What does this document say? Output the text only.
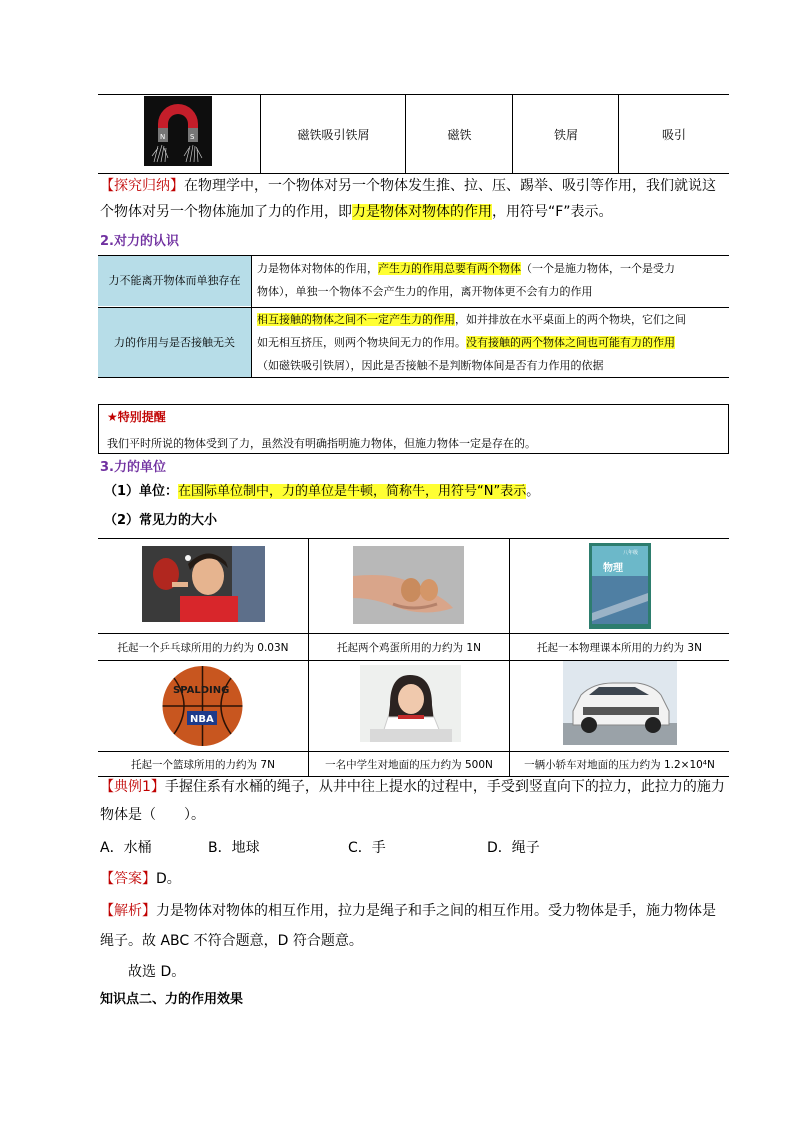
N	S	磁铁吸引铁屑	磁铁	铁屑	吸引
【探究归纳】在物理学中，一个物体对另一个物体发生推、拉、压、踢举、吸引等作用，我们就说这
个物体对另一个物体施加了力的作用，即力是物体对物体的作用，用符号“F”表示。
2.对力的认识
力不能离开物体而单独存在
力是物体对物体的作用，产生力的作用总要有两个物体（一个是施力物体，一个是受力
物体），单独一个物体不会产生力的作用，离开物体更不会有力的作用
力的作用与是否接触无关
相互接触的物体之间不一定产生力的作用，如并排放在水平桌面上的两个物块，它们之间
如无相互挤压，则两个物块间无力的作用。没有接触的两个物体之间也可能有力的作用
（如磁铁吸引铁屑），因此是否接触不是判断物体间是否有力作用的依据
★特别提醒
我们平时所说的物体受到了力，虽然没有明确指明施力物体，但施力物体一定是存在的。
3.力的单位
（1）单位：在国际单位制中，力的单位是牛顿，简称牛，用符号“N”表示。
（2）常见力的大小
物理
八年级
SPALDING
NBA
托起一个乒乓球所用的力约为 0.03N	托起两个鸡蛋所用的力约为 1N	托起一本物理课本所用的力约为 3N
托起一个篮球所用的力约为 7N	一名中学生对地面的压力约为 500N	一辆小轿车对地面的压力约为 1.2×10⁴N
【典例1】手握住系有水桶的绳子，从井中往上提水的过程中，手受到竖直向下的拉力，此拉力的施力
物体是（　　）。
A．水桶	B．地球	C．手	D．绳子
【答案】D。
【解析】力是物体对物体的相互作用，拉力是绳子和手之间的相互作用。受力物体是手，施力物体是
绳子。故 ABC 不符合题意，D 符合题意。
故选 D。
知识点二、力的作用效果
